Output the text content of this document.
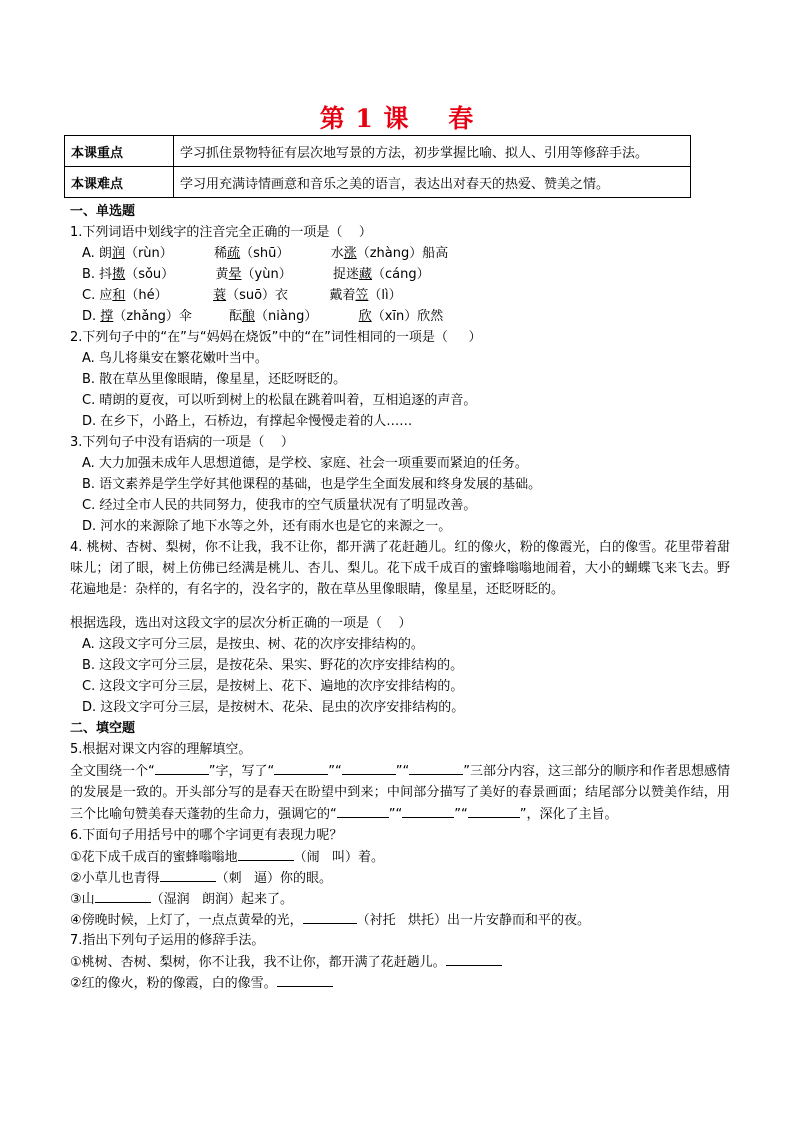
第 1 课    春
本课重点	学习抓住景物特征有层次地写景的方法，初步掌握比喻、拟人、引用等修辞手法。
本课难点	学习用充满诗情画意和音乐之美的语言，表达出对春天的热爱、赞美之情。
一、单选题
1.下列词语中划线字的注音完全正确的一项是（    ）
A. 朗润（rùn）          稀疏（shū）          水涨（zhàng）船高
B. 抖擞（sǒu）          黄晕（yùn）          捉迷藏（cáng）
C. 应和（hé）           蓑（suō）衣          戴着笠（lì）
D. 撑（zhǎng）伞         酝酿（niàng）          欣（xīn）欣然
2.下列句子中的“在”与“妈妈在烧饭”中的“在”词性相同的一项是（     ）
A. 鸟儿将巢安在繁花嫩叶当中。
B. 散在草丛里像眼睛，像星星，还眨呀眨的。
C. 晴朗的夏夜，可以听到树上的松鼠在跳着叫着，互相追逐的声音。
D. 在乡下，小路上，石桥边，有撑起伞慢慢走着的人……
3.下列句子中没有语病的一项是（    ）
A. 大力加强未成年人思想道德，是学校、家庭、社会一项重要而紧迫的任务。
B. 语文素养是学生学好其他课程的基础，也是学生全面发展和终身发展的基础。
C. 经过全市人民的共同努力，使我市的空气质量状况有了明显改善。
D. 河水的来源除了地下水等之外，还有雨水也是它的来源之一。
4. 桃树、杏树、梨树，你不让我，我不让你，都开满了花赶趟儿。红的像火，粉的像霞光，白的像雪。花里带着甜味儿；闭了眼，树上仿佛已经满是桃儿、杏儿、梨儿。花下成千成百的蜜蜂嗡嗡地闹着，大小的蝴蝶飞来飞去。野花遍地是：杂样的，有名字的，没名字的，散在草丛里像眼睛，像星星，还眨呀眨的。
根据选段，选出对这段文字的层次分析正确的一项是（    ）
A. 这段文字可分三层，是按虫、树、花的次序安排结构的。
B. 这段文字可分三层，是按花朵、果实、野花的次序安排结构的。
C. 这段文字可分三层，是按树上、花下、遍地的次序安排结构的。
D. 这段文字可分三层，是按树木、花朵、昆虫的次序安排结构的。
二、填空题
5.根据对课文内容的理解填空。
全文围绕一个“	”字，写了“	”“	”“	”三部分内容，这三部分的顺序和作者思想感情的发展是一致的。开头部分写的是春天在盼望中到来；中间部分描写了美好的春景画面；结尾部分以赞美作结，用三个比喻句赞美春天蓬勃的生命力，强调它的“	”“	”“	”，深化了主旨。
6.下面句子用括号中的哪个字词更有表现力呢？
①花下成千成百的蜜蜂嗡嗡地	（闹   叫）着。
②小草儿也青得	（刺   逼）你的眼。
③山	（湿润   朗润）起来了。
④傍晚时候，上灯了，一点点黄晕的光，	（衬托   烘托）出一片安静而和平的夜。
7.指出下列句子运用的修辞手法。
①桃树、杏树、梨树，你不让我，我不让你，都开满了花赶趟儿。
②红的像火，粉的像霞，白的像雪。
